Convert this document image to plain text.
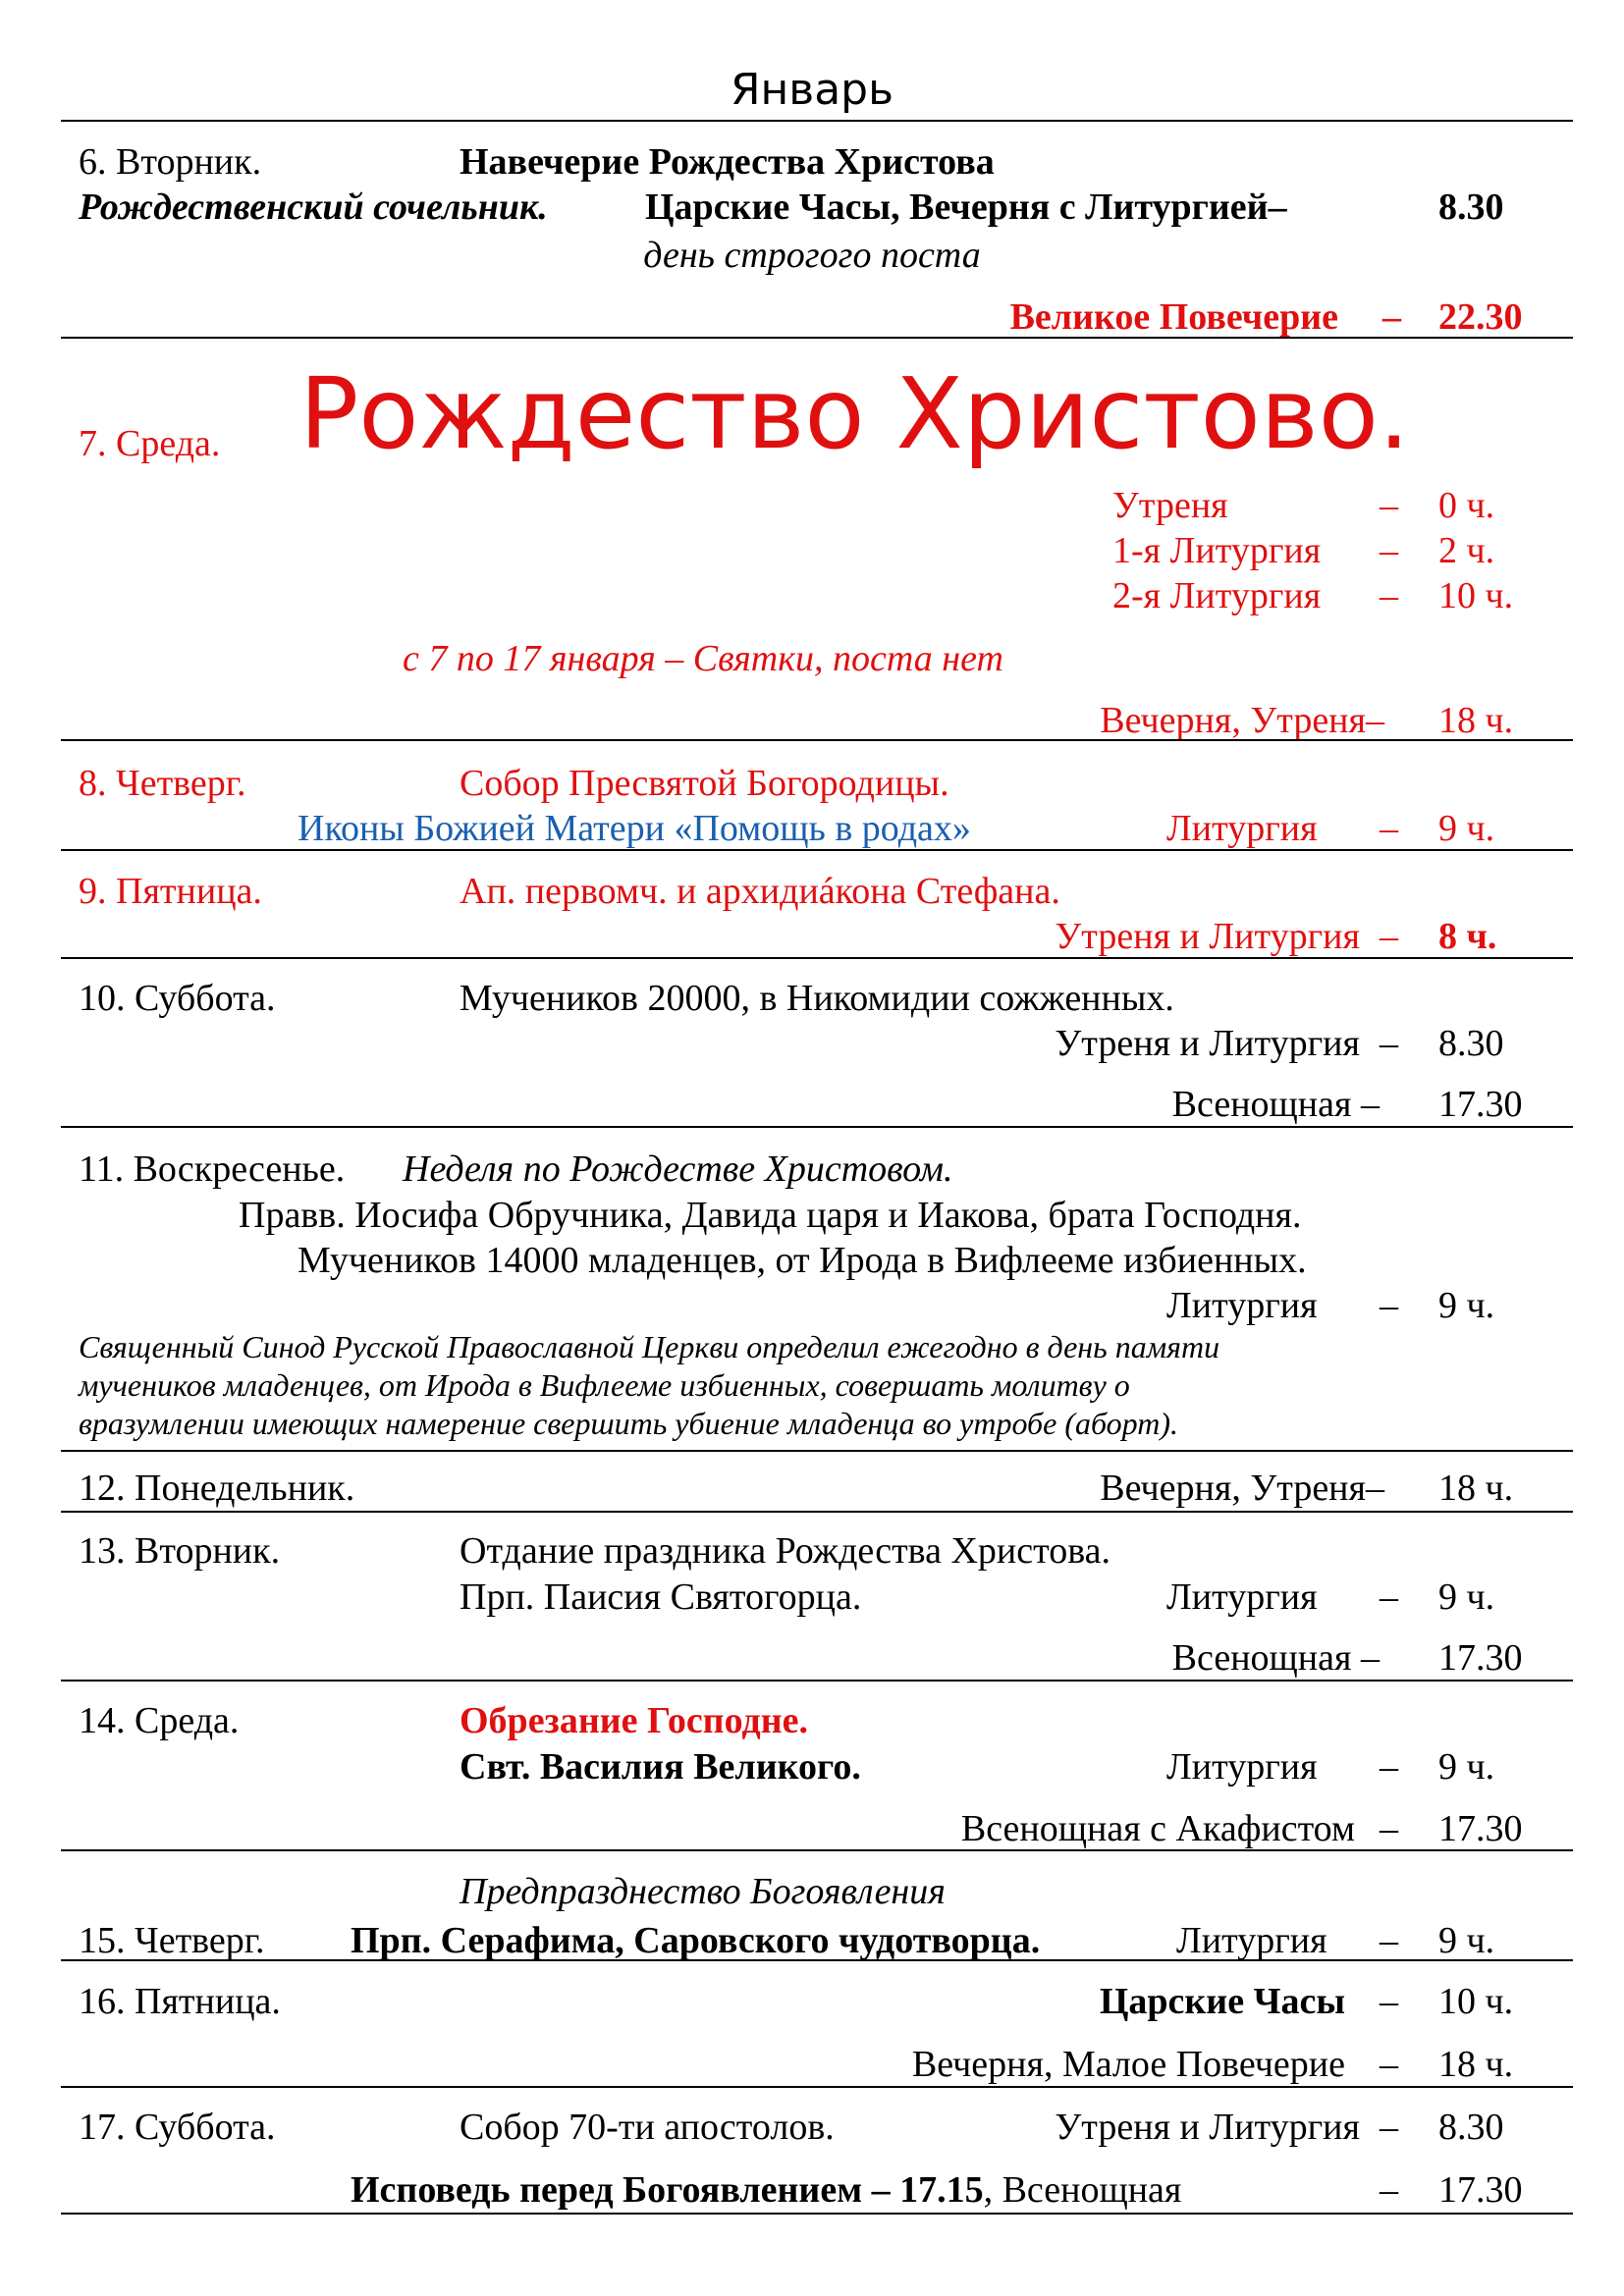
Январь
6. Вторник.	Навечерие Рождества Христова
Рождественский сочельник.	Царские Часы, Вечерня с Литургией–	8.30
день строгого поста
Великое Повечерие – 22.30
7. Среда. Рождество Христово.
Утреня	– 0 ч.
1-я Литургия – 2 ч.
2-я Литургия – 10 ч.
с 7 по 17 января – Святки, поста нет
Вечерня, Утреня– 18 ч.
8. Четверг.	Собор Пресвятой Богородицы.
Иконы Божией Матери «Помощь в родах»	Литургия – 9 ч.
9. Пятница.	Ап. первомч. и архидиáкона Стефана.
Утреня и Литургия – 8 ч.
10. Суббота.	Мучеников 20000, в Никомидии сожженных.
Утреня и Литургия – 8.30
Всенощная – 17.30
11. Воскресенье. Неделя по Рождестве Христовом.
Правв. Иосифа Обручника, Давида царя и Иакова, брата Господня.
Мучеников 14000 младенцев, от Ирода в Вифлееме избиенных.
Литургия – 9 ч.
Священный Синод Русской Православной Церкви определил ежегодно в день памяти
мучеников младенцев, от Ирода в Вифлееме избиенных, совершать молитву о
вразумлении имеющих намерение свершить убиение младенца во утробе (аборт).
12. Понедельник.	Вечерня, Утреня– 18 ч.
13. Вторник.	Отдание праздника Рождества Христова.
Прп. Паисия Святогорца.	Литургия – 9 ч.
Всенощная – 17.30
14. Среда.	Обрезание Господне.
Свт. Василия Великого.	Литургия – 9 ч.
Всенощная с Акафистом – 17.30
Предпразднество Богоявления
15. Четверг. Прп. Серафима, Саровского чудотворца.	Литургия – 9 ч.
16. Пятница.	Царские Часы – 10 ч.
Вечерня, Малое Повечерие – 18 ч.
17. Суббота.	Собор 70-ти апостолов.	Утреня и Литургия – 8.30
Исповедь перед Богоявлением – 17.15, Всенощная	– 17.30
